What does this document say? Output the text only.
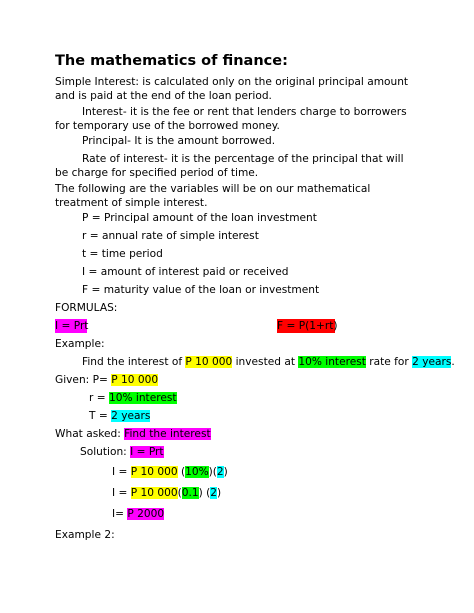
The mathematics of finance:
Simple Interest: is calculated only on the original principal amount and is paid at the end of the loan period.
Interest- it is the fee or rent that lenders charge to borrowers for temporary use of the borrowed money.
Principal- It is the amount borrowed.
Rate of interest- it is the percentage of the principal that will be charge for specified period of time.
The following are the variables will be on our mathematical treatment of simple interest.
P = Principal amount of the loan investment
r = annual rate of simple interest
t = time period
I = amount of interest paid or received
F = maturity value of the loan or investment
FORMULAS:
I = Prt	F = P(1+rt)
Example:
Find the interest of P 10 000 invested at 10% interest rate for 2 years.
Given: P= P 10 000
r = 10% interest
T = 2 years
What asked: Find the interest
Solution: I = Prt
I = P 10 000 (10%)(2)
I = P 10 000(0.1) (2)
I= P 2000
Example 2:
